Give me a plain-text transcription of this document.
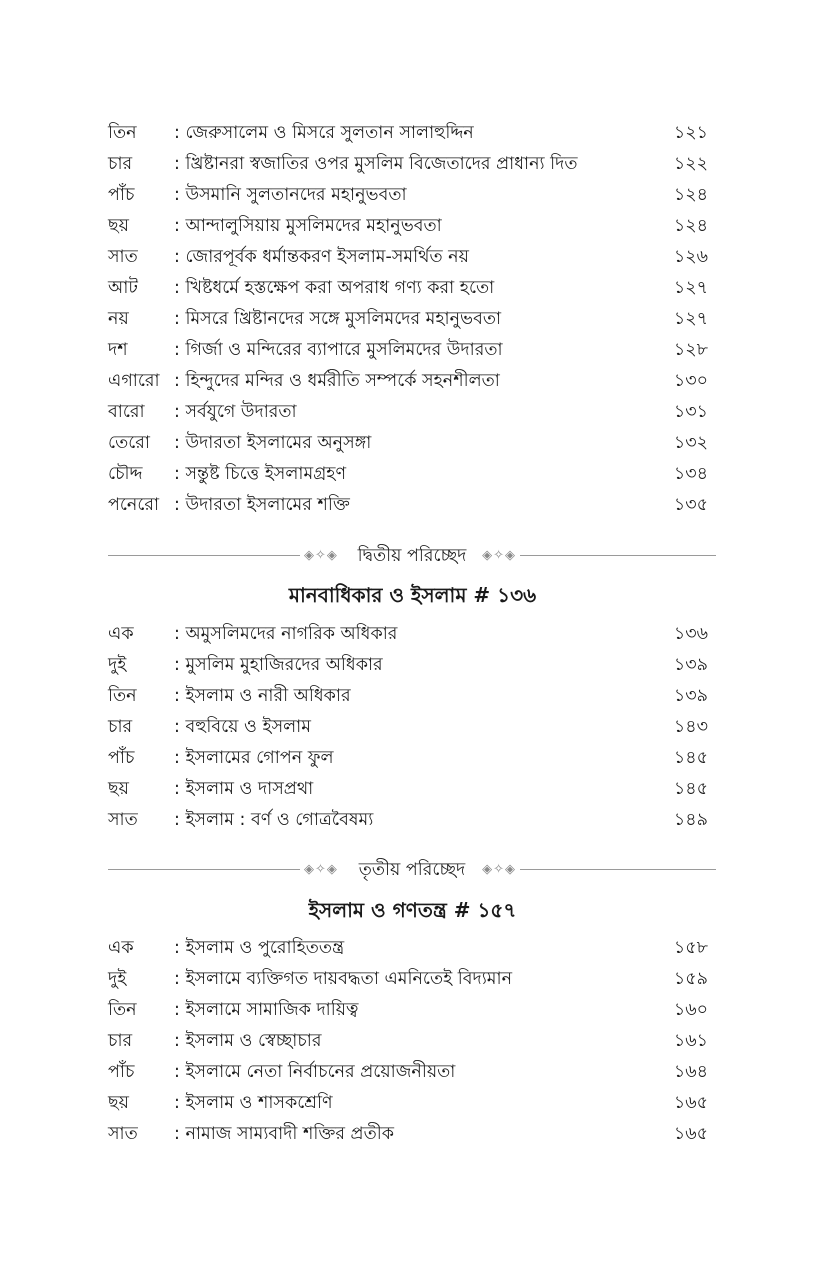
তিন : জেরুসালেম ও মিসরে সুলতান সালাহুদ্দিন	১২১
চার : খ্রিষ্টানরা স্বজাতির ওপর মুসলিম বিজেতাদের প্রাধান্য দিত	১২২
পাঁচ : উসমানি সুলতানদের মহানুভবতা	১২৪
ছয়	: আন্দালুসিয়ায় মুসলিমদের মহানুভবতা	১২৪
সাত : জোরপূর্বক ধর্মান্তকরণ ইসলাম-সমর্থিত নয়	১২৬
আট : খিষ্টধর্মে হস্তক্ষেপ করা অপরাধ গণ্য করা হতো	১২৭
নয়	: মিসরে খ্রিষ্টানদের সঙ্গে মুসলিমদের মহানুভবতা	১২৭
দশ	: গির্জা ও মন্দিরের ব্যাপারে মুসলিমদের উদারতা	১২৮
এগারো : হিন্দুদের মন্দির ও ধর্মরীতি সম্পর্কে সহনশীলতা	১৩০
বারো : সর্বযুগে উদারতা	১৩১
তেরো : উদারতা ইসলামের অনুসঙ্গা	১৩২
চৌদ্দ : সন্তুষ্ট চিত্তে ইসলামগ্রহণ	১৩৪
পনেরো : উদারতা ইসলামের শক্তি	১৩৫
◈✧◈	দ্বিতীয় পরিচ্ছেদ	◈✧◈
মানবাধিকার ও ইসলাম # ১৩৬
এক : অমুসলিমদের নাগরিক অধিকার	১৩৬
দুই	: মুসলিম মুহাজিরদের অধিকার	১৩৯
তিন : ইসলাম ও নারী অধিকার	১৩৯
চার : বহুবিয়ে ও ইসলাম	১৪৩
পাঁচ : ইসলামের গোপন ফুল	১৪৫
ছয়	: ইসলাম ও দাসপ্রথা	১৪৫
সাত : ইসলাম : বর্ণ ও গোত্রবৈষম্য	১৪৯
◈✧◈	তৃতীয় পরিচ্ছেদ	◈✧◈
ইসলাম ও গণতন্ত্র # ১৫৭
এক : ইসলাম ও পুরোহিততন্ত্র	১৫৮
দুই	: ইসলামে ব্যক্তিগত দায়বদ্ধতা এমনিতেই বিদ্যমান	১৫৯
তিন : ইসলামে সামাজিক দায়িত্ব	১৬০
চার : ইসলাম ও স্বেচ্ছাচার	১৬১
পাঁচ : ইসলামে নেতা নির্বাচনের প্রয়োজনীয়তা	১৬৪
ছয়	: ইসলাম ও শাসকশ্রেণি	১৬৫
সাত : নামাজ সাম্যবাদী শক্তির প্রতীক	১৬৫
